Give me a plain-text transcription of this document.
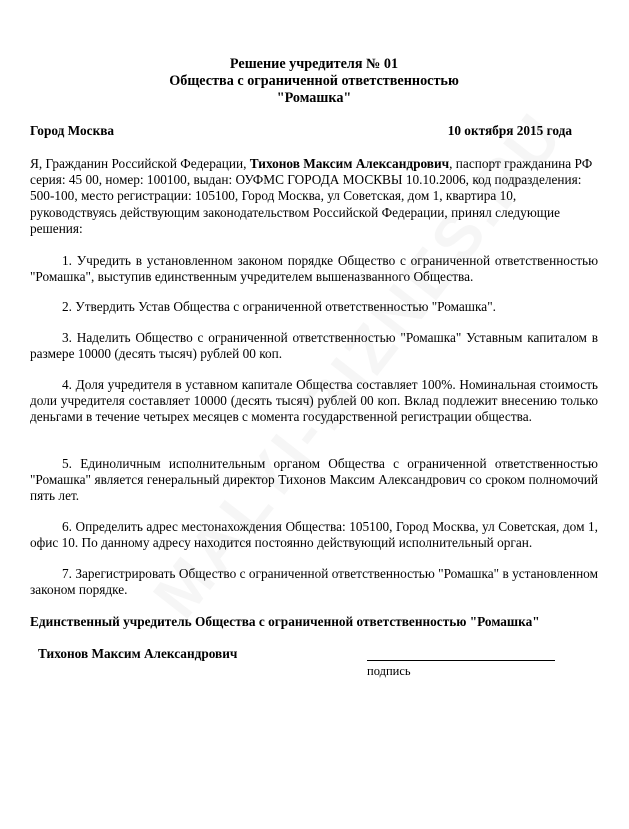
Решение учредителя № 01
Общества с ограниченной ответственностью
"Ромашка"
Город Москва	10 октября 2015 года

Я, Гражданин Российской Федерации, Тихонов Максим Александрович, паспорт гражданина РФ серия: 45 00, номер: 100100, выдан: ОУФМС ГОРОДА МОСКВЫ 10.10.2006, код подразделения: 500-100, место регистрации: 105100, Город Москва, ул Советская, дом 1, квартира 10, руководствуясь действующим законодательством Российской Федерации, принял следующие решения:

1. Учредить в установленном законом порядке Общество с ограниченной ответственностью "Ромашка", выступив единственным учредителем вышеназванного Общества.

2. Утвердить Устав Общества с ограниченной ответственностью "Ромашка".

3. Наделить Общество с ограниченной ответственностью "Ромашка" Уставным капиталом в размере 10000 (десять тысяч) рублей 00 коп.

4. Доля учредителя в уставном капитале Общества составляет 100%. Номинальная стоимость доли учредителя составляет 10000 (десять тысяч) рублей 00 коп. Вклад подлежит внесению только деньгами в течение четырех месяцев с момента государственной регистрации общества.

5. Единоличным исполнительным органом Общества с ограниченной ответственностью "Ромашка" является генеральный директор Тихонов Максим Александрович со сроком полномочий пять лет.

6. Определить адрес местонахождения Общества: 105100, Город Москва, ул Советская, дом 1, офис 10. По данному адресу находится постоянно действующий исполнительный орган.

7. Зарегистрировать Общество с ограниченной ответственностью "Ромашка" в установленном законом порядке.

Единственный учредитель Общества с ограниченной ответственностью "Ромашка"
Тихонов Максим Александрович
подпись
